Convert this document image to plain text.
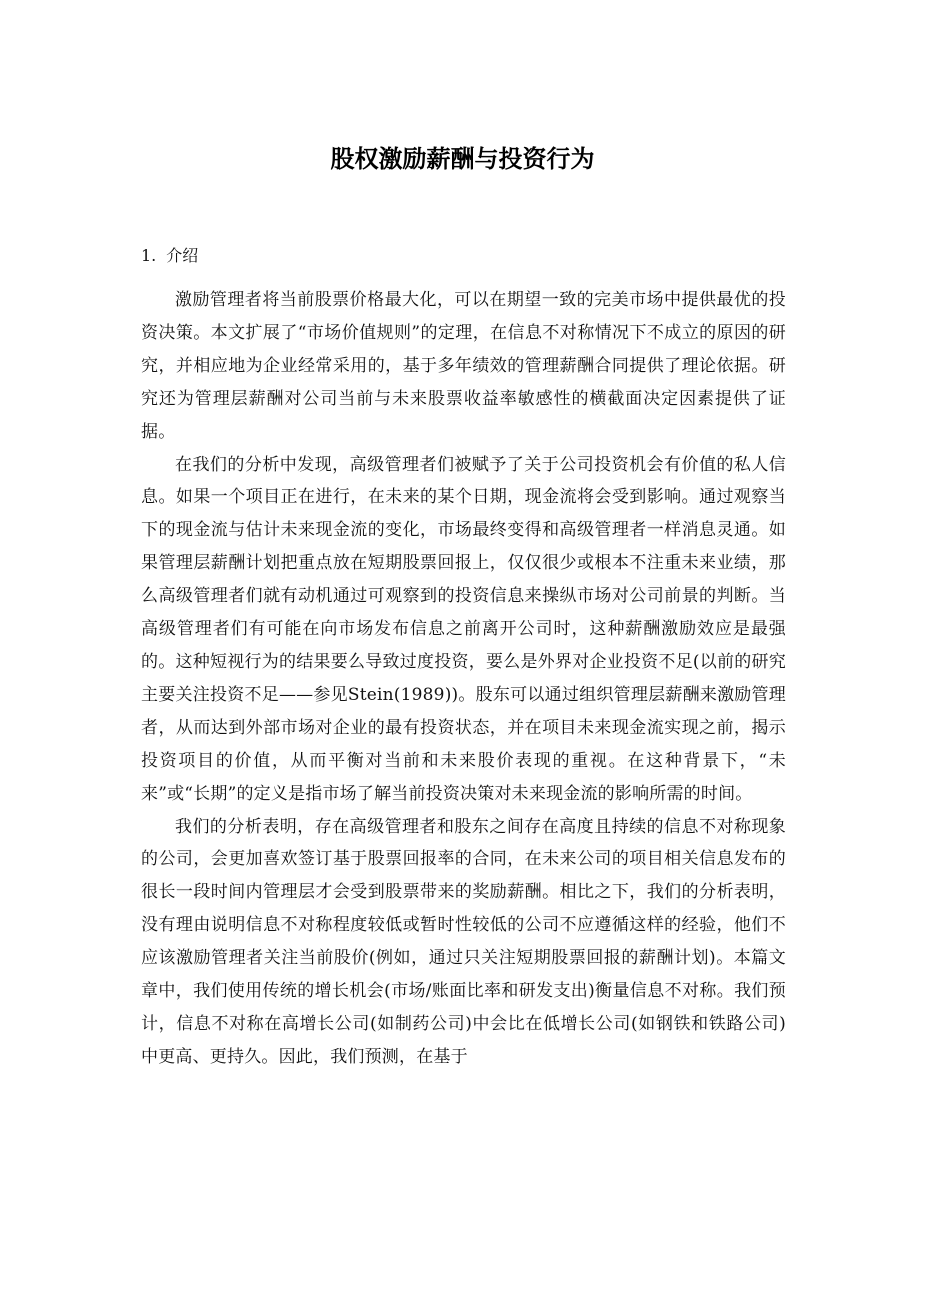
股权激励薪酬与投资行为
1. 介绍

激励管理者将当前股票价格最大化，可以在期望一致的完美市场中提供最优的投资决策。本文扩展了“市场价值规则”的定理，在信息不对称情况下不成立的原因的研究，并相应地为企业经常采用的，基于多年绩效的管理薪酬合同提供了理论依据。研究还为管理层薪酬对公司当前与未来股票收益率敏感性的横截面决定因素提供了证据。

在我们的分析中发现，高级管理者们被赋予了关于公司投资机会有价值的私人信息。如果一个项目正在进行，在未来的某个日期，现金流将会受到影响。通过观察当下的现金流与估计未来现金流的变化，市场最终变得和高级管理者一样消息灵通。如果管理层薪酬计划把重点放在短期股票回报上，仅仅很少或根本不注重未来业绩，那么高级管理者们就有动机通过可观察到的投资信息来操纵市场对公司前景的判断。当高级管理者们有可能在向市场发布信息之前离开公司时，这种薪酬激励效应是最强的。这种短视行为的结果要么导致过度投资，要么是外界对企业投资不足(以前的研究主要关注投资不足——参见Stein(1989))。股东可以通过组织管理层薪酬来激励管理者，从而达到外部市场对企业的最有投资状态，并在项目未来现金流实现之前，揭示投资项目的价值，从而平衡对当前和未来股价表现的重视。在这种背景下，“未来”或“长期”的定义是指市场了解当前投资决策对未来现金流的影响所需的时间。

我们的分析表明，存在高级管理者和股东之间存在高度且持续的信息不对称现象的公司，会更加喜欢签订基于股票回报率的合同，在未来公司的项目相关信息发布的很长一段时间内管理层才会受到股票带来的奖励薪酬。相比之下，我们的分析表明，没有理由说明信息不对称程度较低或暂时性较低的公司不应遵循这样的经验，他们不应该激励管理者关注当前股价(例如，通过只关注短期股票回报的薪酬计划)。本篇文章中，我们使用传统的增长机会(市场/账面比率和研发支出)衡量信息不对称。我们预计，信息不对称在高增长公司(如制药公司)中会比在低增长公司(如钢铁和铁路公司)中更高、更持久。因此，我们预测，在基于
